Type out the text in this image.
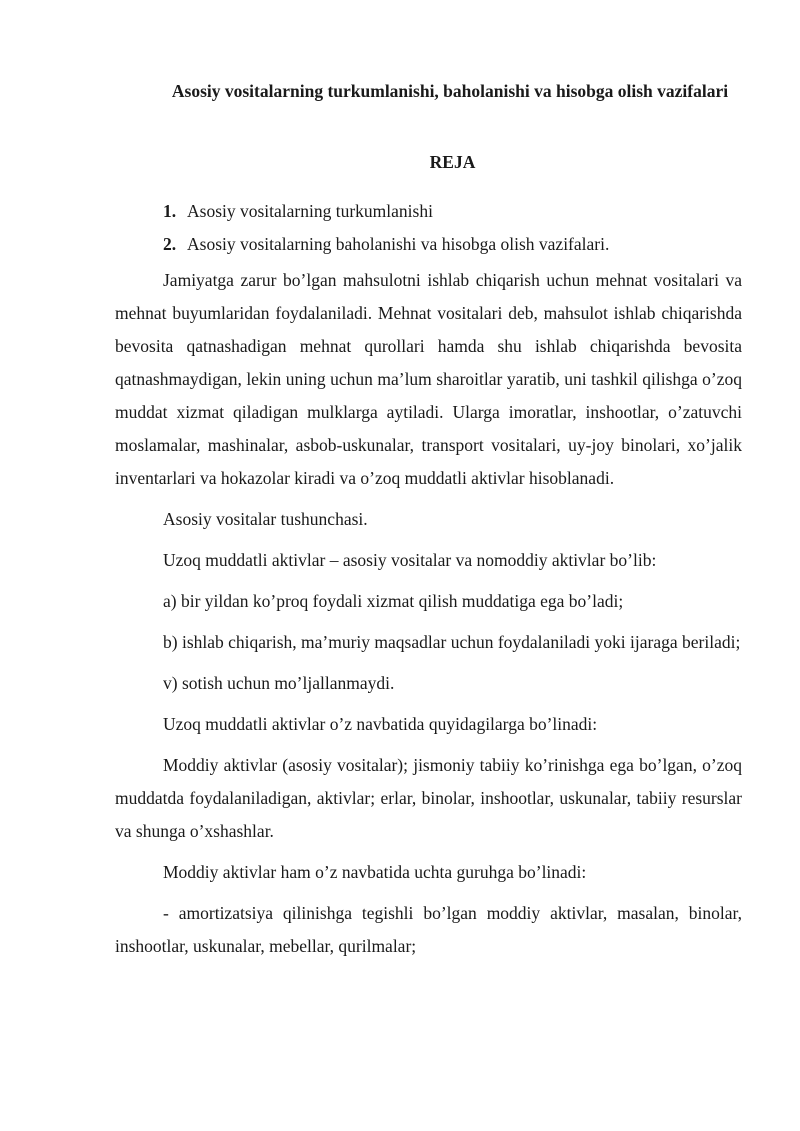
Asosiy vositalarning turkumlanishi, baholanishi va hisobga olish vazifalari
REJA
1. Asosiy vositalarning turkumlanishi
2. Asosiy vositalarning baholanishi va hisobga olish vazifalari.

Jamiyatga zarur bo’lgan mahsulotni ishlab chiqarish uchun mehnat vositalari va mehnat buyumlaridan foydalaniladi. Mehnat vositalari deb, mahsulot ishlab chiqarishda bevosita qatnashadigan mehnat qurollari hamda shu ishlab chiqarishda bevosita qatnashmaydigan, lekin uning uchun ma’lum sharoitlar yaratib, uni tashkil qilishga o’zoq muddat xizmat qiladigan mulklarga aytiladi. Ularga imoratlar, inshootlar, o’zatuvchi moslamalar, mashinalar, asbob-uskunalar, transport vositalari, uy-joy binolari, xo’jalik inventarlari va hokazolar kiradi va o’zoq muddatli aktivlar hisoblanadi.

Asosiy vositalar tushunchasi.

Uzoq muddatli aktivlar – asosiy vositalar va nomoddiy aktivlar bo’lib:

a) bir yildan ko’proq foydali xizmat qilish muddatiga ega bo’ladi;

b) ishlab chiqarish, ma’muriy maqsadlar uchun foydalaniladi yoki ijaraga beriladi;

v) sotish uchun mo’ljallanmaydi.

Uzoq muddatli aktivlar o’z navbatida quyidagilarga bo’linadi:

Moddiy aktivlar (asosiy vositalar); jismoniy tabiiy ko’rinishga ega bo’lgan, o’zoq muddatda foydalaniladigan, aktivlar; erlar, binolar, inshootlar, uskunalar, tabiiy resurslar va shunga o’xshashlar.

Moddiy aktivlar ham o’z navbatida uchta guruhga bo’linadi:

- amortizatsiya qilinishga tegishli bo’lgan moddiy aktivlar, masalan, binolar, inshootlar, uskunalar, mebellar, qurilmalar;
